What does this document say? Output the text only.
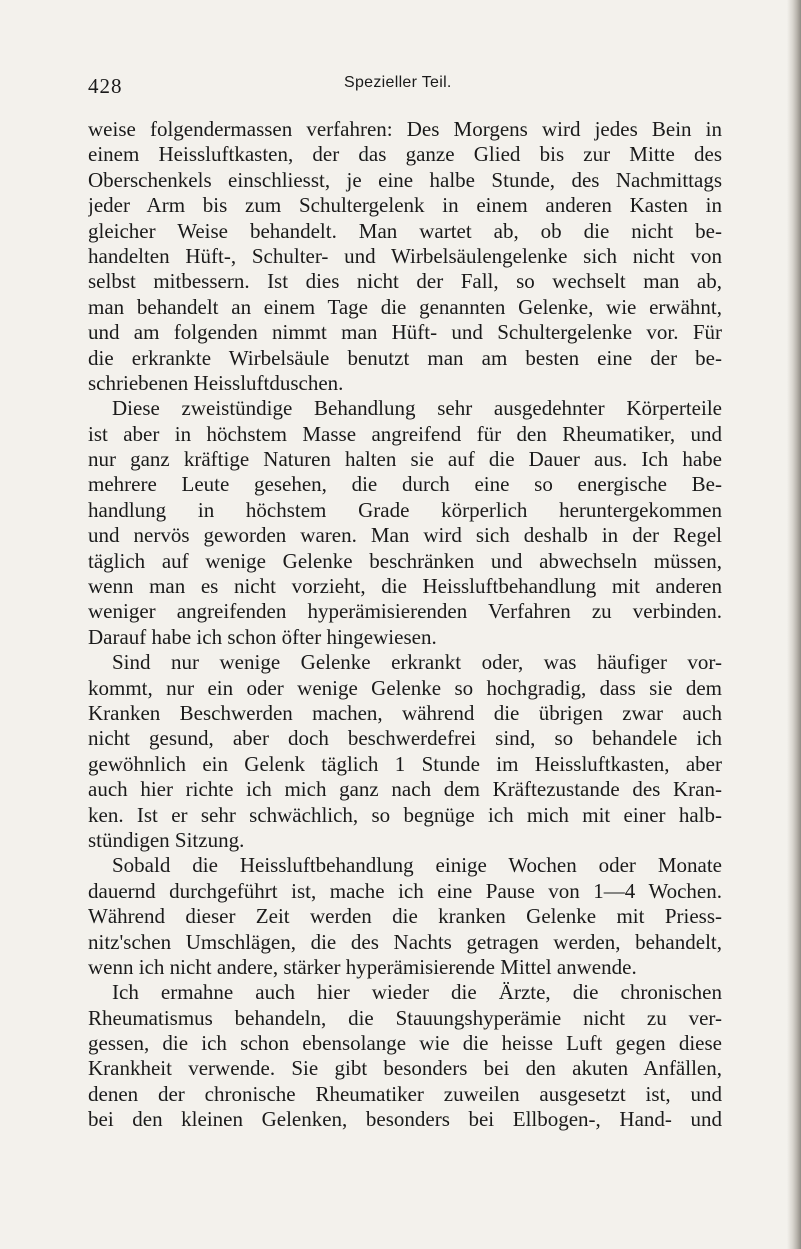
428	Spezieller Teil.
weise folgendermassen verfahren: Des Morgens wird jedes Bein in
einem Heissluftkasten, der das ganze Glied bis zur Mitte des
Oberschenkels einschliesst, je eine halbe Stunde, des Nachmittags
jeder Arm bis zum Schultergelenk in einem anderen Kasten in
gleicher Weise behandelt. Man wartet ab, ob die nicht be-
handelten Hüft-, Schulter- und Wirbelsäulengelenke sich nicht von
selbst mitbessern. Ist dies nicht der Fall, so wechselt man ab,
man behandelt an einem Tage die genannten Gelenke, wie erwähnt,
und am folgenden nimmt man Hüft- und Schultergelenke vor. Für
die erkrankte Wirbelsäule benutzt man am besten eine der be-
schriebenen Heissluftduschen.
Diese zweistündige Behandlung sehr ausgedehnter Körperteile
ist aber in höchstem Masse angreifend für den Rheumatiker, und
nur ganz kräftige Naturen halten sie auf die Dauer aus. Ich habe
mehrere Leute gesehen, die durch eine so energische Be-
handlung in höchstem Grade körperlich heruntergekommen
und nervös geworden waren. Man wird sich deshalb in der Regel
täglich auf wenige Gelenke beschränken und abwechseln müssen,
wenn man es nicht vorzieht, die Heissluftbehandlung mit anderen
weniger angreifenden hyperämisierenden Verfahren zu verbinden.
Darauf habe ich schon öfter hingewiesen.
Sind nur wenige Gelenke erkrankt oder, was häufiger vor-
kommt, nur ein oder wenige Gelenke so hochgradig, dass sie dem
Kranken Beschwerden machen, während die übrigen zwar auch
nicht gesund, aber doch beschwerdefrei sind, so behandele ich
gewöhnlich ein Gelenk täglich 1 Stunde im Heissluftkasten, aber
auch hier richte ich mich ganz nach dem Kräftezustande des Kran-
ken. Ist er sehr schwächlich, so begnüge ich mich mit einer halb-
stündigen Sitzung.
Sobald die Heissluftbehandlung einige Wochen oder Monate
dauernd durchgeführt ist, mache ich eine Pause von 1—4 Wochen.
Während dieser Zeit werden die kranken Gelenke mit Priess-
nitz'schen Umschlägen, die des Nachts getragen werden, behandelt,
wenn ich nicht andere, stärker hyperämisierende Mittel anwende.
Ich ermahne auch hier wieder die Ärzte, die chronischen
Rheumatismus behandeln, die Stauungshyperämie nicht zu ver-
gessen, die ich schon ebensolange wie die heisse Luft gegen diese
Krankheit verwende. Sie gibt besonders bei den akuten Anfällen,
denen der chronische Rheumatiker zuweilen ausgesetzt ist, und
bei den kleinen Gelenken, besonders bei Ellbogen-, Hand- und
